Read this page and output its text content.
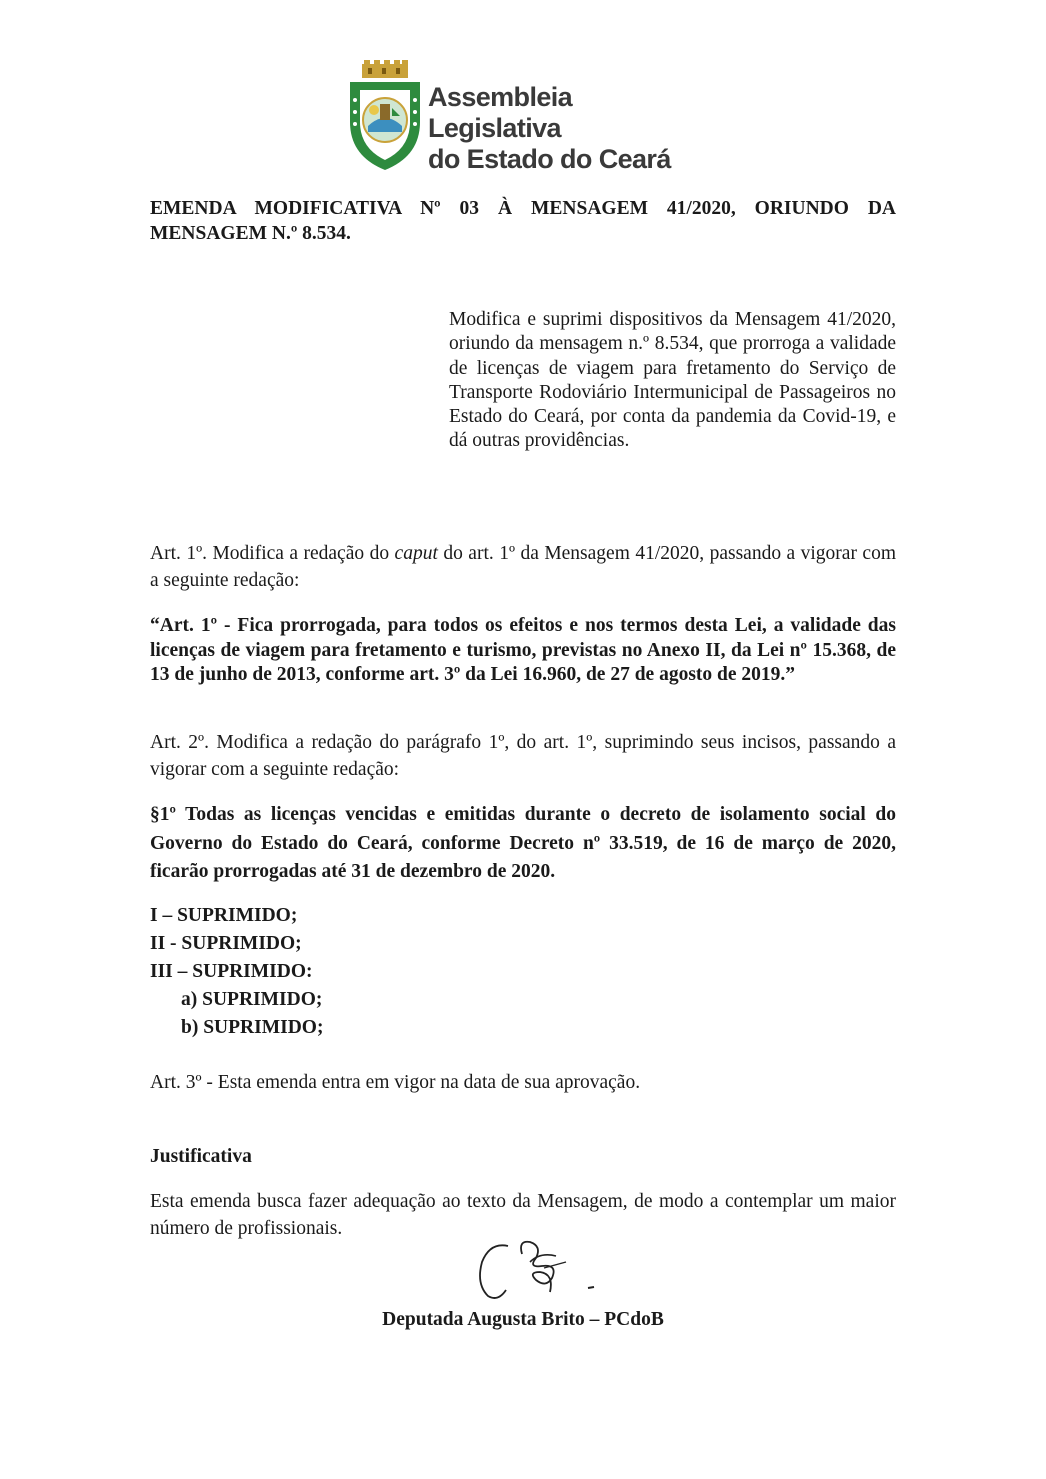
Assembleia Legislativa
do Estado do Ceará
EMENDA MODIFICATIVA Nº 03 À MENSAGEM 41/2020, ORIUNDO DA
MENSAGEM N.º 8.534.
Modifica e suprimi dispositivos da Mensagem 41/2020, oriundo da mensagem n.º 8.534, que prorroga a validade de licenças de viagem para fretamento do Serviço de Transporte Rodoviário Intermunicipal de Passageiros no Estado do Ceará, por conta da pandemia da Covid-19, e dá outras providências.
Art. 1º. Modifica a redação do caput do art. 1º da Mensagem 41/2020, passando a vigorar com a seguinte redação:
“Art. 1º - Fica prorrogada, para todos os efeitos e nos termos desta Lei, a validade das licenças de viagem para fretamento e turismo, previstas no Anexo II, da Lei nº 15.368, de 13 de junho de 2013, conforme art. 3º da Lei 16.960, de 27 de agosto de 2019.”
Art. 2º. Modifica a redação do parágrafo 1º, do art. 1º, suprimindo seus incisos, passando a vigorar com a seguinte redação:
§1º Todas as licenças vencidas e emitidas durante o decreto de isolamento social do Governo do Estado do Ceará, conforme Decreto nº 33.519, de 16 de março de 2020, ficarão prorrogadas até 31 de dezembro de 2020.
I – SUPRIMIDO;
II - SUPRIMIDO;
III – SUPRIMIDO:
a) SUPRIMIDO;
b) SUPRIMIDO;
Art. 3º - Esta emenda entra em vigor na data de sua aprovação.
Justificativa
Esta emenda busca fazer adequação ao texto da Mensagem, de modo a contemplar um maior número de profissionais.
Deputada Augusta Brito – PCdoB
